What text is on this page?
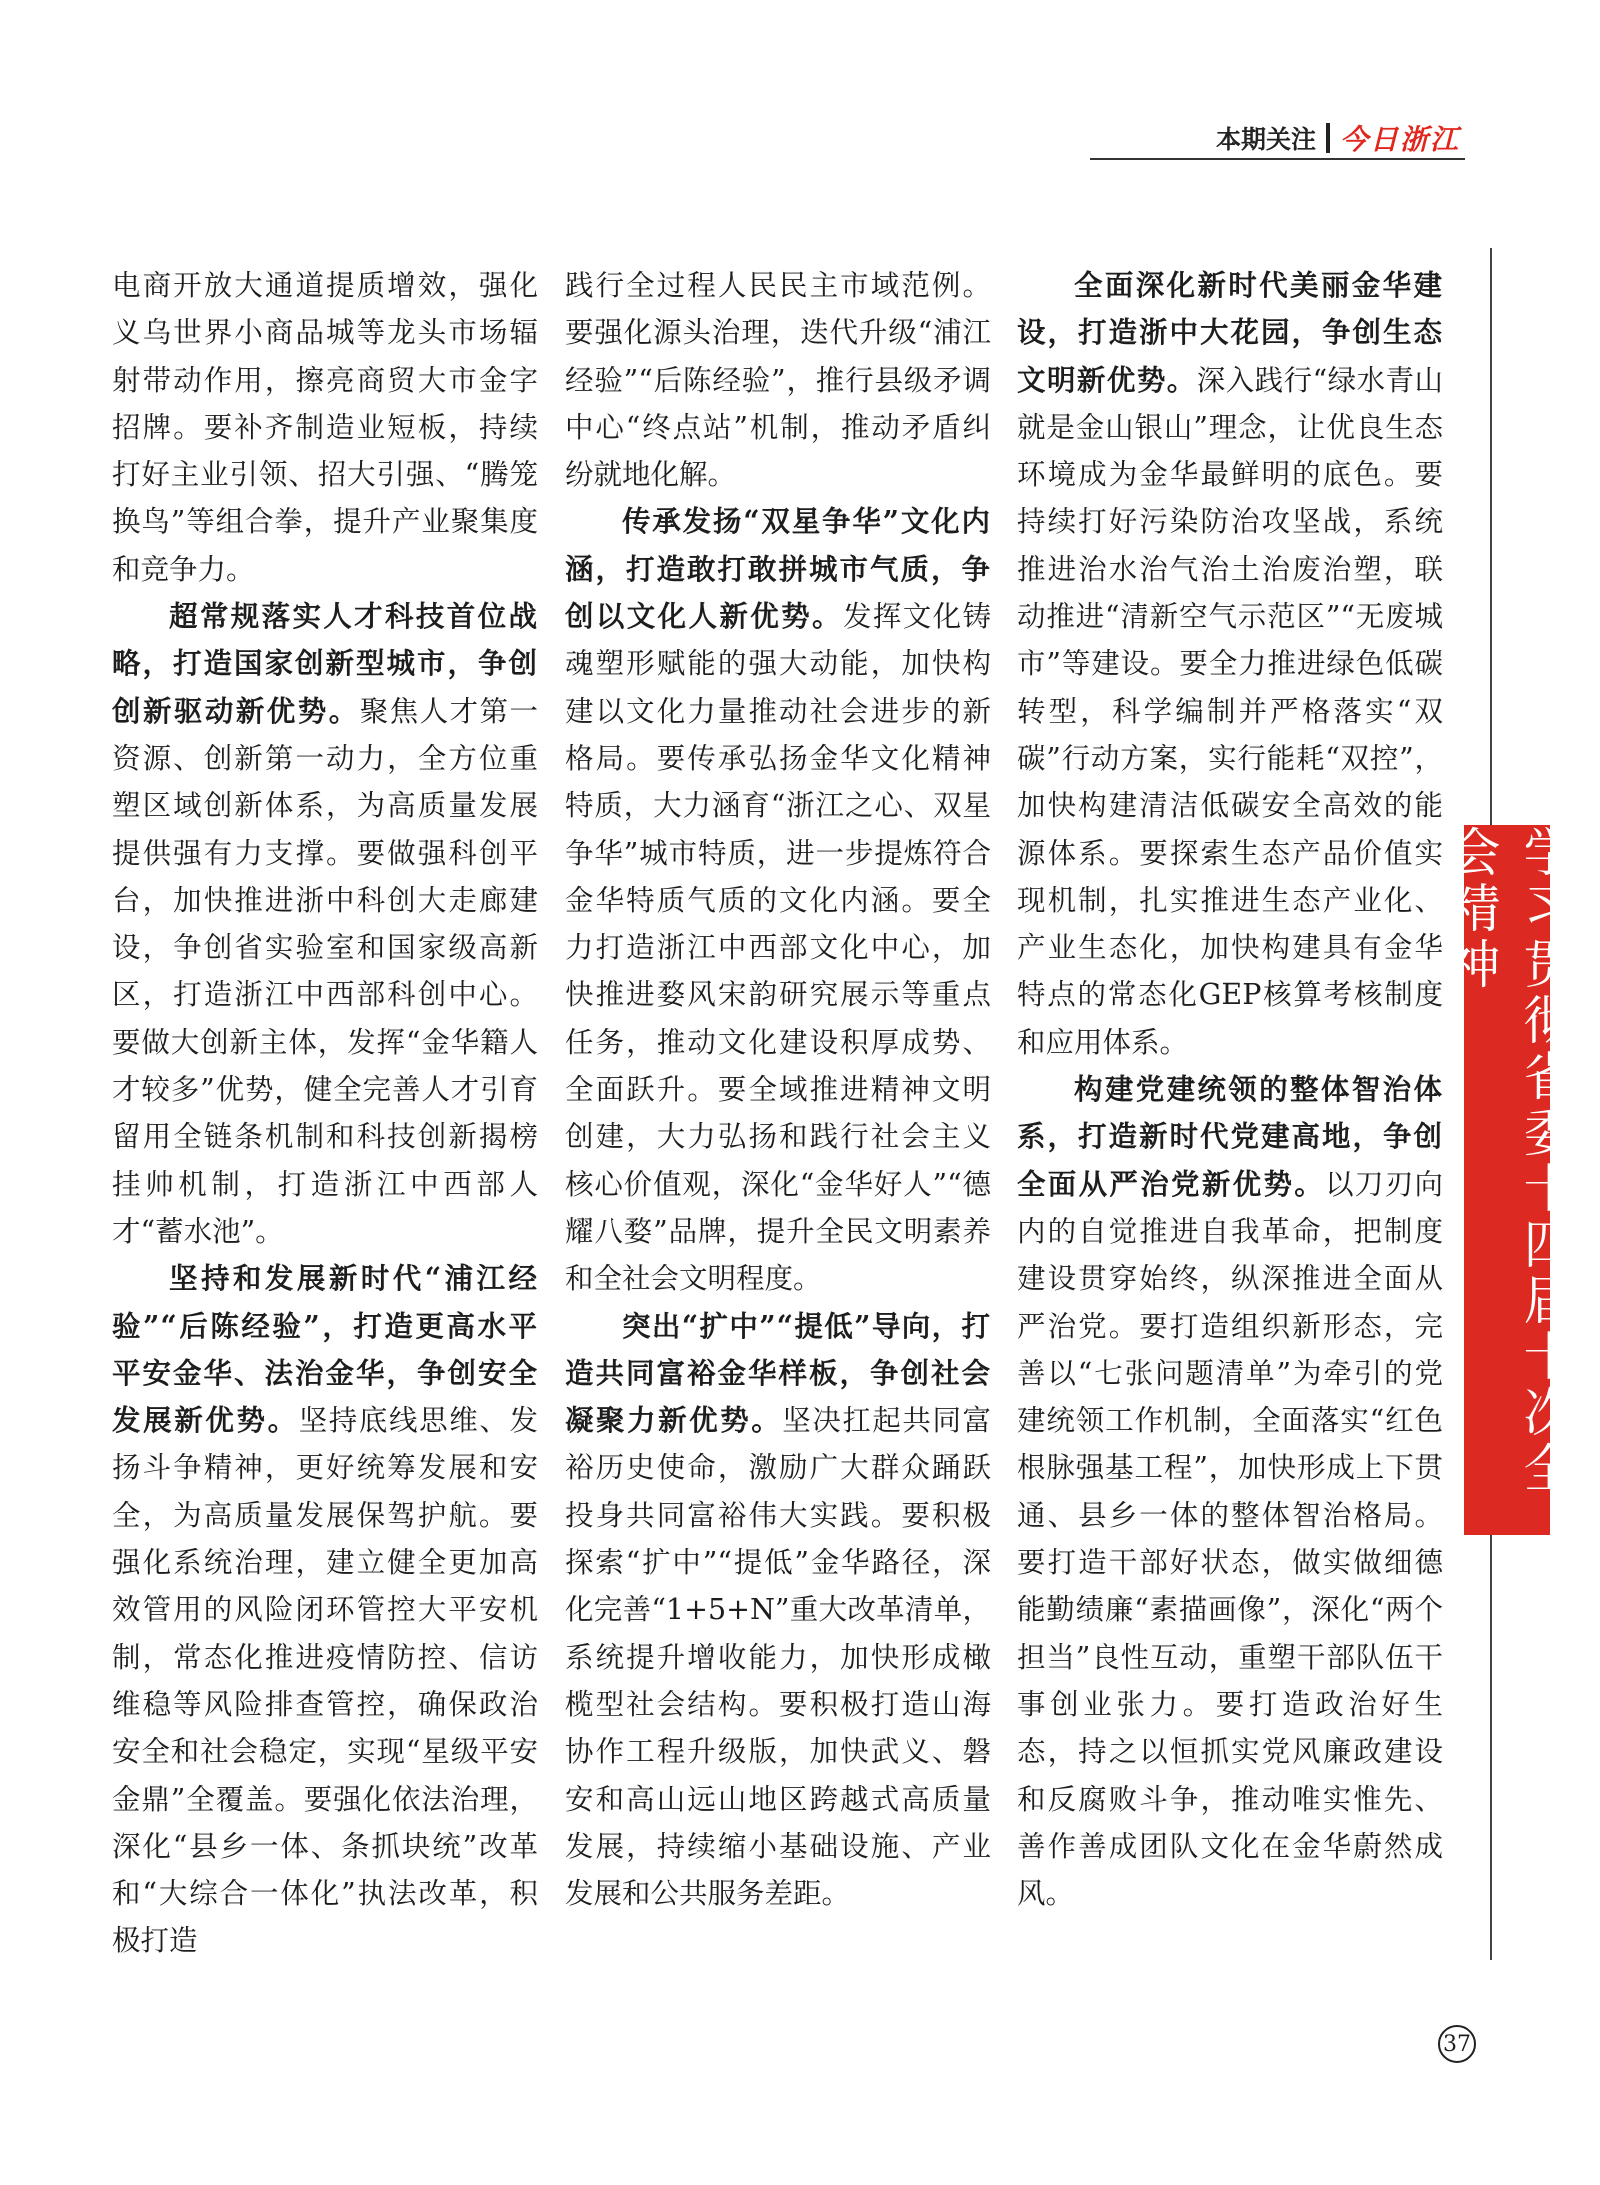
本期关注 今日浙江

电商开放大通道提质增效，强化义乌世界小商品城等龙头市场辐射带动作用，擦亮商贸大市金字招牌。要补齐制造业短板，持续打好主业引领、招大引强、“腾笼换鸟”等组合拳，提升产业聚集度和竞争力。

超常规落实人才科技首位战略，打造国家创新型城市，争创创新驱动新优势。聚焦人才第一资源、创新第一动力，全方位重塑区域创新体系，为高质量发展提供强有力支撑。要做强科创平台，加快推进浙中科创大走廊建设，争创省实验室和国家级高新区，打造浙江中西部科创中心。要做大创新主体，发挥“金华籍人才较多”优势，健全完善人才引育留用全链条机制和科技创新揭榜挂帅机制，打造浙江中西部人才“蓄水池”。

坚持和发展新时代“浦江经验”“后陈经验”，打造更高水平平安金华、法治金华，争创安全发展新优势。坚持底线思维、发扬斗争精神，更好统筹发展和安全，为高质量发展保驾护航。要强化系统治理，建立健全更加高效管用的风险闭环管控大平安机制，常态化推进疫情防控、信访维稳等风险排查管控，确保政治安全和社会稳定，实现“星级平安金鼎”全覆盖。要强化依法治理，深化“县乡一体、条抓块统”改革和“大综合一体化”执法改革，积极打造

践行全过程人民民主市域范例。要强化源头治理，迭代升级“浦江经验”“后陈经验”，推行县级矛调中心“终点站”机制，推动矛盾纠纷就地化解。

传承发扬“双星争华”文化内涵，打造敢打敢拼城市气质，争创以文化人新优势。发挥文化铸魂塑形赋能的强大动能，加快构建以文化力量推动社会进步的新格局。要传承弘扬金华文化精神特质，大力涵育“浙江之心、双星争华”城市特质，进一步提炼符合金华特质气质的文化内涵。要全力打造浙江中西部文化中心，加快推进婺风宋韵研究展示等重点任务，推动文化建设积厚成势、全面跃升。要全域推进精神文明创建，大力弘扬和践行社会主义核心价值观，深化“金华好人”“德耀八婺”品牌，提升全民文明素养和全社会文明程度。

突出“扩中”“提低”导向，打造共同富裕金华样板，争创社会凝聚力新优势。坚决扛起共同富裕历史使命，激励广大群众踊跃投身共同富裕伟大实践。要积极探索“扩中”“提低”金华路径，深化完善“1+5+N”重大改革清单，系统提升增收能力，加快形成橄榄型社会结构。要积极打造山海协作工程升级版，加快武义、磐安和高山远山地区跨越式高质量发展，持续缩小基础设施、产业发展和公共服务差距。

全面深化新时代美丽金华建设，打造浙中大花园，争创生态文明新优势。深入践行“绿水青山就是金山银山”理念，让优良生态环境成为金华最鲜明的底色。要持续打好污染防治攻坚战，系统推进治水治气治土治废治塑，联动推进“清新空气示范区”“无废城市”等建设。要全力推进绿色低碳转型，科学编制并严格落实“双碳”行动方案，实行能耗“双控”，加快构建清洁低碳安全高效的能源体系。要探索生态产品价值实现机制，扎实推进生态产业化、产业生态化，加快构建具有金华特点的常态化GEP核算考核制度和应用体系。

构建党建统领的整体智治体系，打造新时代党建高地，争创全面从严治党新优势。以刀刃向内的自觉推进自我革命，把制度建设贯穿始终，纵深推进全面从严治党。要打造组织新形态，完善以“七张问题清单”为牵引的党建统领工作机制，全面落实“红色根脉强基工程”，加快形成上下贯通、县乡一体的整体智治格局。要打造干部好状态，做实做细德能勤绩廉“素描画像”，深化“两个担当”良性互动，重塑干部队伍干事创业张力。要打造政治好生态，持之以恒抓实党风廉政建设和反腐败斗争，推动唯实惟先、善作善成团队文化在金华蔚然成风。

学习贯彻省委十四届十次全会精神
37
